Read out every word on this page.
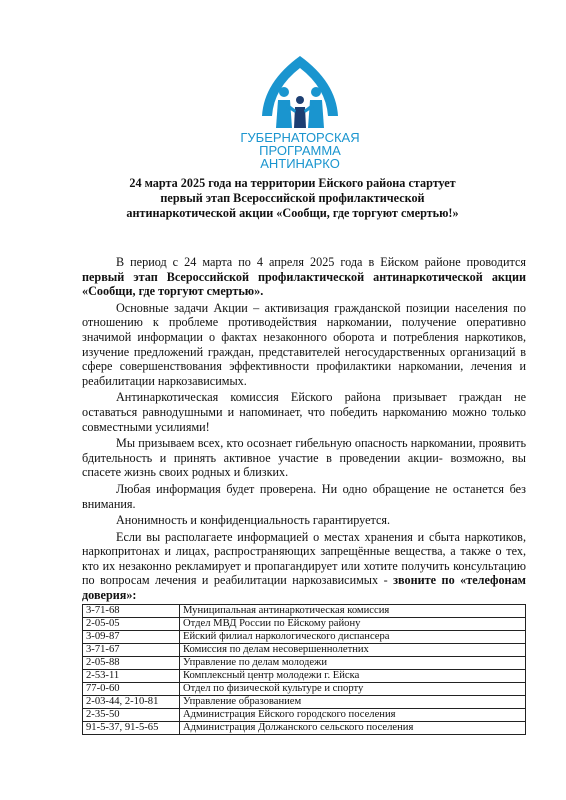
ГУБЕРНАТОРСКАЯ
ПРОГРАММА
АНТИНАРКО
24 марта 2025 года на территории Ейского района стартует
первый этап Всероссийской профилактической
антинаркотической акции «Сообщи, где торгуют смертью!»

В период с 24 марта по 4 апреля 2025 года в Ейском районе проводится первый этап Всероссийской профилактической антинаркотической акции «Сообщи, где торгуют смертью».

Основные задачи Акции – активизация гражданской позиции населения по отношению к проблеме противодействия наркомании, получение оперативно значимой информации о фактах незаконного оборота и потребления наркотиков, изучение предложений граждан, представителей негосударственных организаций в сфере совершенствования эффективности профилактики наркомании, лечения и реабилитации наркозависимых.

Антинаркотическая комиссия Ейского района призывает граждан не оставаться равнодушными и напоминает, что победить наркоманию можно только совместными усилиями!

Мы призываем всех, кто осознает гибельную опасность наркомании, проявить бдительность и принять активное участие в проведении акции- возможно, вы спасете жизнь своих родных и близких.

Любая информация будет проверена. Ни одно обращение не останется без внимания.

Анонимность и конфиденциальность гарантируется.

Если вы располагаете информацией о местах хранения и сбыта наркотиков, наркопритонах и лицах, распространяющих запрещённые вещества, а также о тех, кто их незаконно рекламирует и пропагандирует или хотите получить консультацию по вопросам лечения и реабилитации наркозависимых - звоните по «телефонам доверия»:

3-71-68	Муниципальная антинаркотическая комиссия
2-05-05	Отдел МВД России по Ейскому району
3-09-87	Ейский филиал наркологического диспансера
3-71-67	Комиссия по делам несовершеннолетних
2-05-88	Управление по делам молодежи
2-53-11	Комплексный центр молодежи г. Ейска
77-0-60	Отдел по физической культуре и спорту
2-03-44, 2-10-81	Управление образованием
2-35-50	Администрация Ейского городского поселения
91-5-37, 91-5-65	Администрация Должанского сельского поселения
